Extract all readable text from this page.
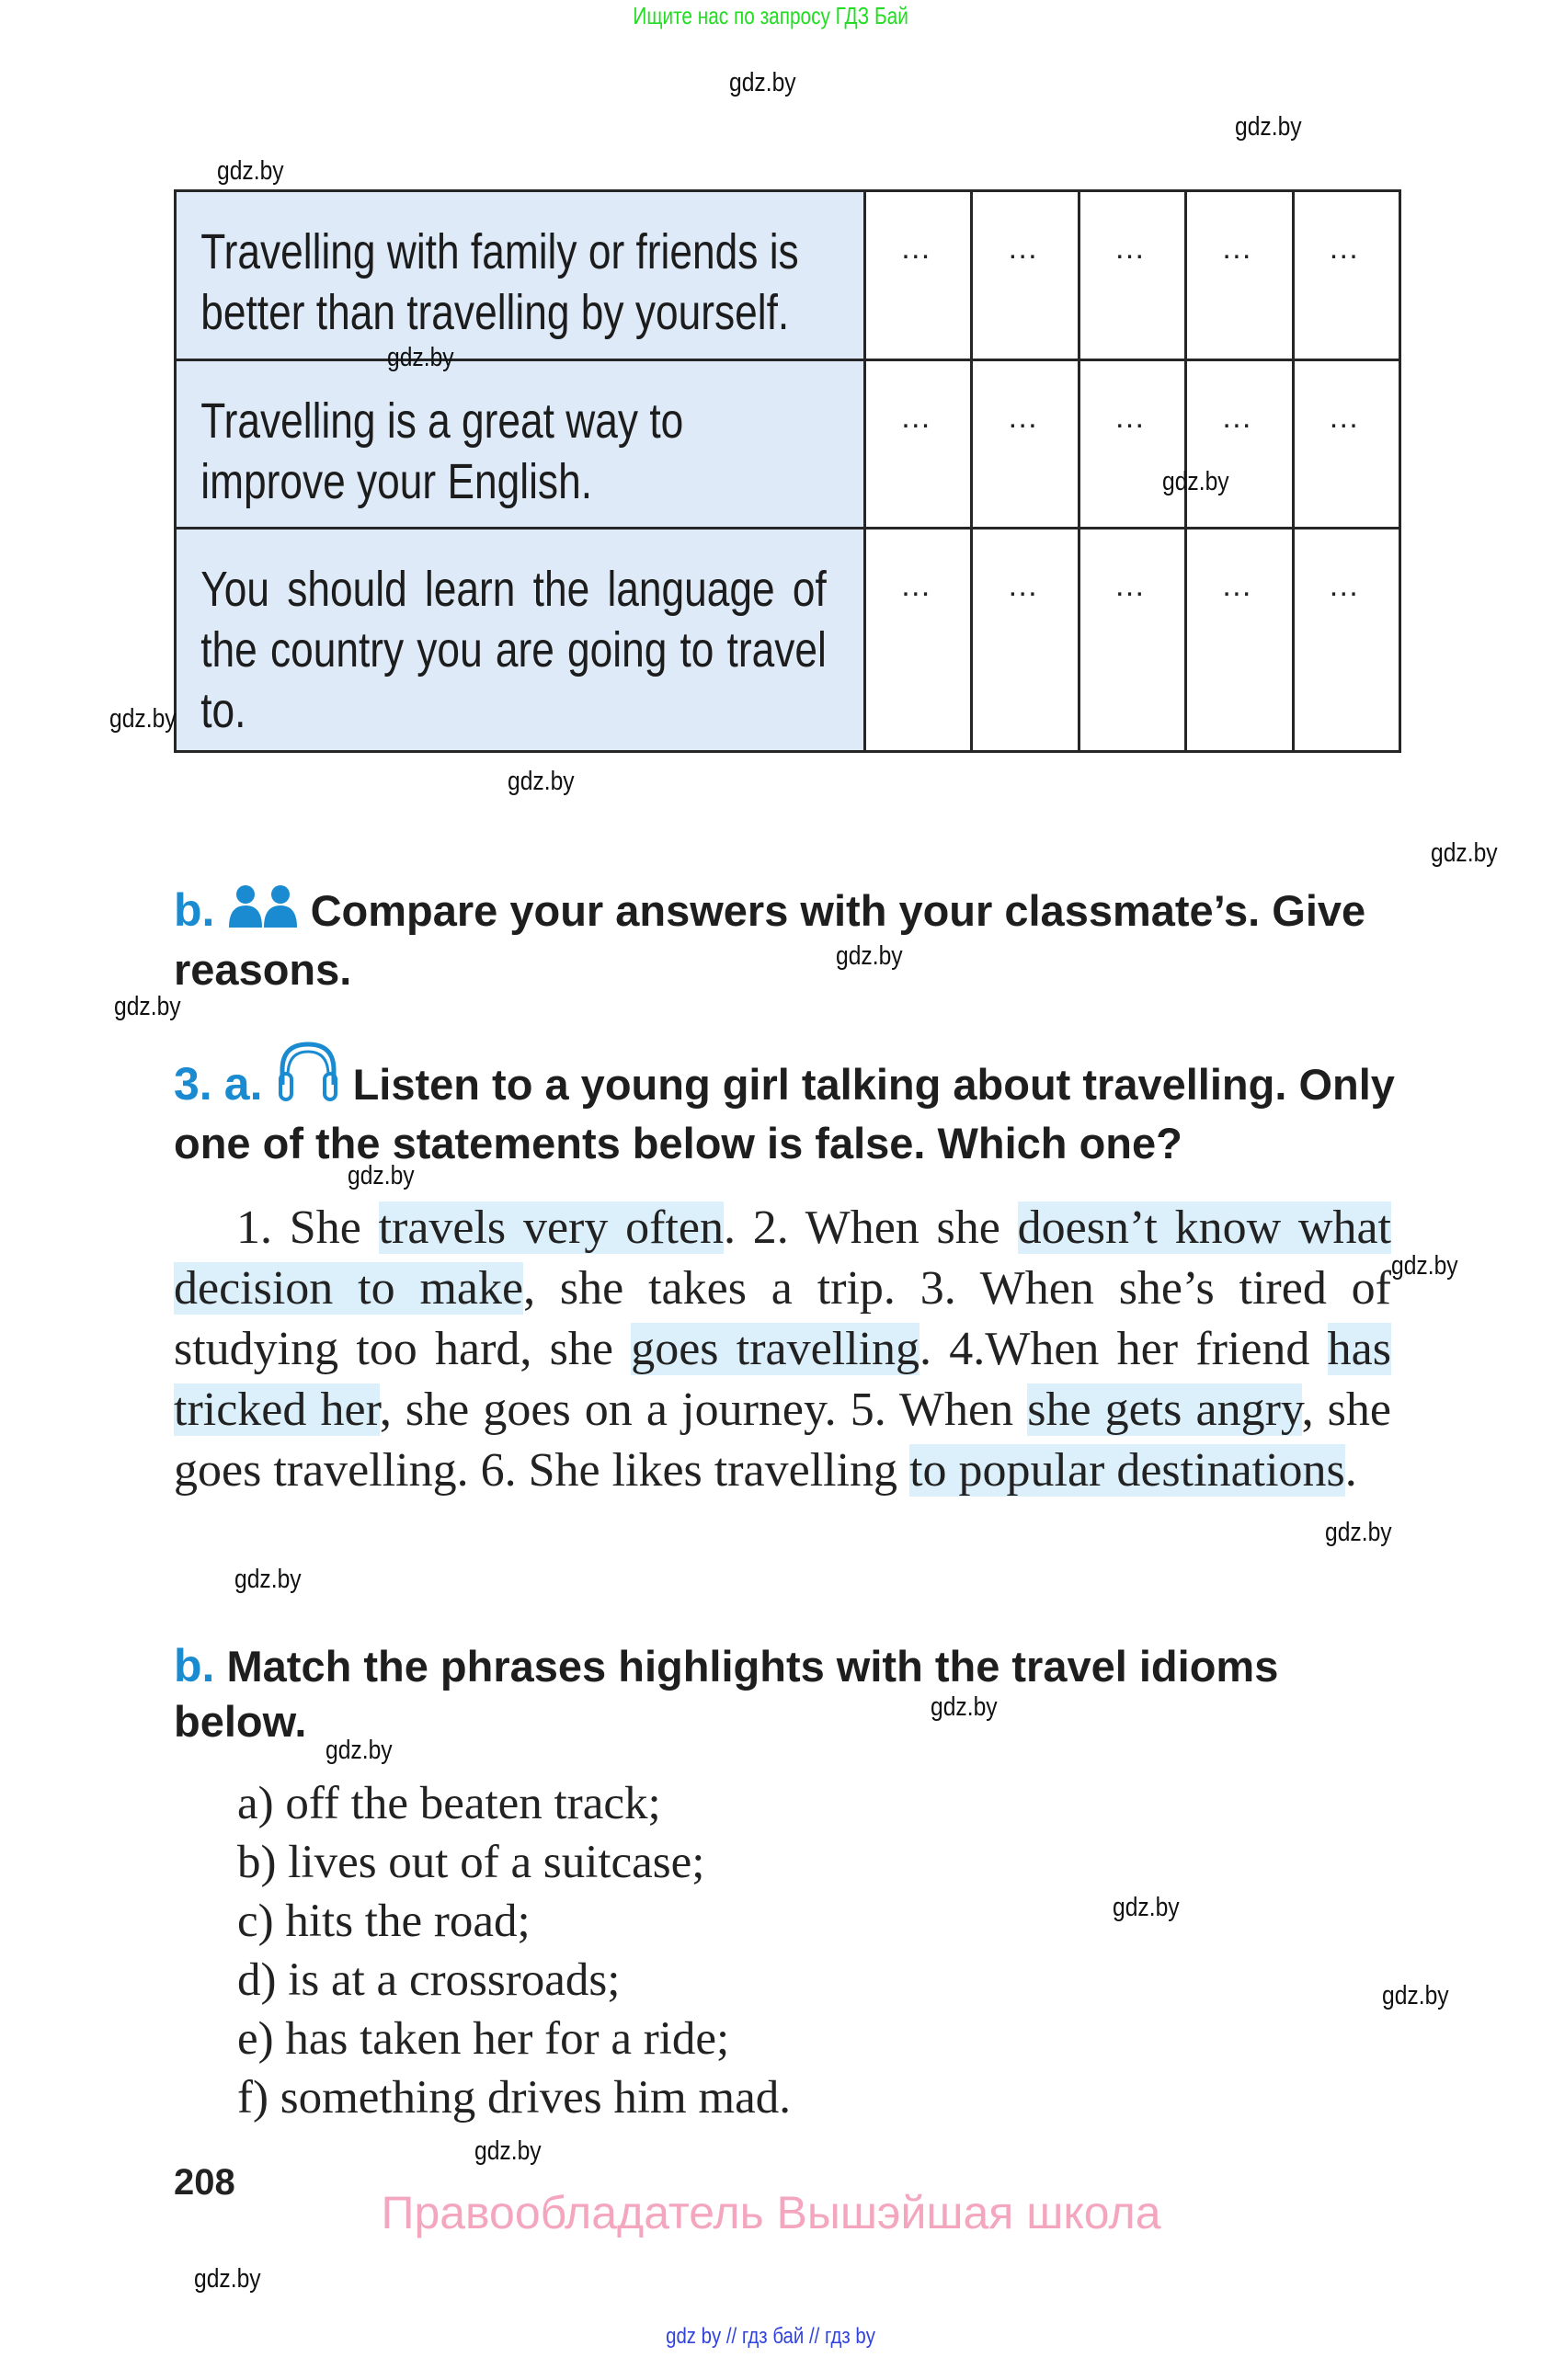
Ищите нас по запросу ГДЗ Бай
Travelling with family or friends is better than travelling by yourself.	…	…	…	…	…

Travelling is a great way to improve your English.	…	…	…	…	…

You should learn the language of the country you are going to travel to.	…	…	…	…	…
b. Compare your answers with your classmate’s. Give reasons.
3. a. Listen to a young girl talking about travelling. Only one of the statements below is false. Which one?
1. She travels very often. 2. When she doesn’t know what decision to make, she takes a trip. 3. When she’s tired of studying too hard, she goes travelling. 4.When her friend has tricked her, she goes on a journey. 5. When she gets angry, she goes travelling. 6. She likes travelling to popular destinations.
b. Match the phrases highlights with the travel idioms below.
a) off the beaten track;
b) lives out of a suitcase;
c) hits the road;
d) is at a crossroads;
e) has taken her for a ride;
f) something drives him mad.
208
Правообладатель Вышэйшая школа
gdz by // гдз бай // гдз by
gdz.by
gdz.by
gdz.by
gdz.by
gdz.by
gdz.by
gdz.by
gdz.by
gdz.by
gdz.by
gdz.by
gdz.by
gdz.by
gdz.by
gdz.by
gdz.by
gdz.by
gdz.by
gdz.by
gdz.by
